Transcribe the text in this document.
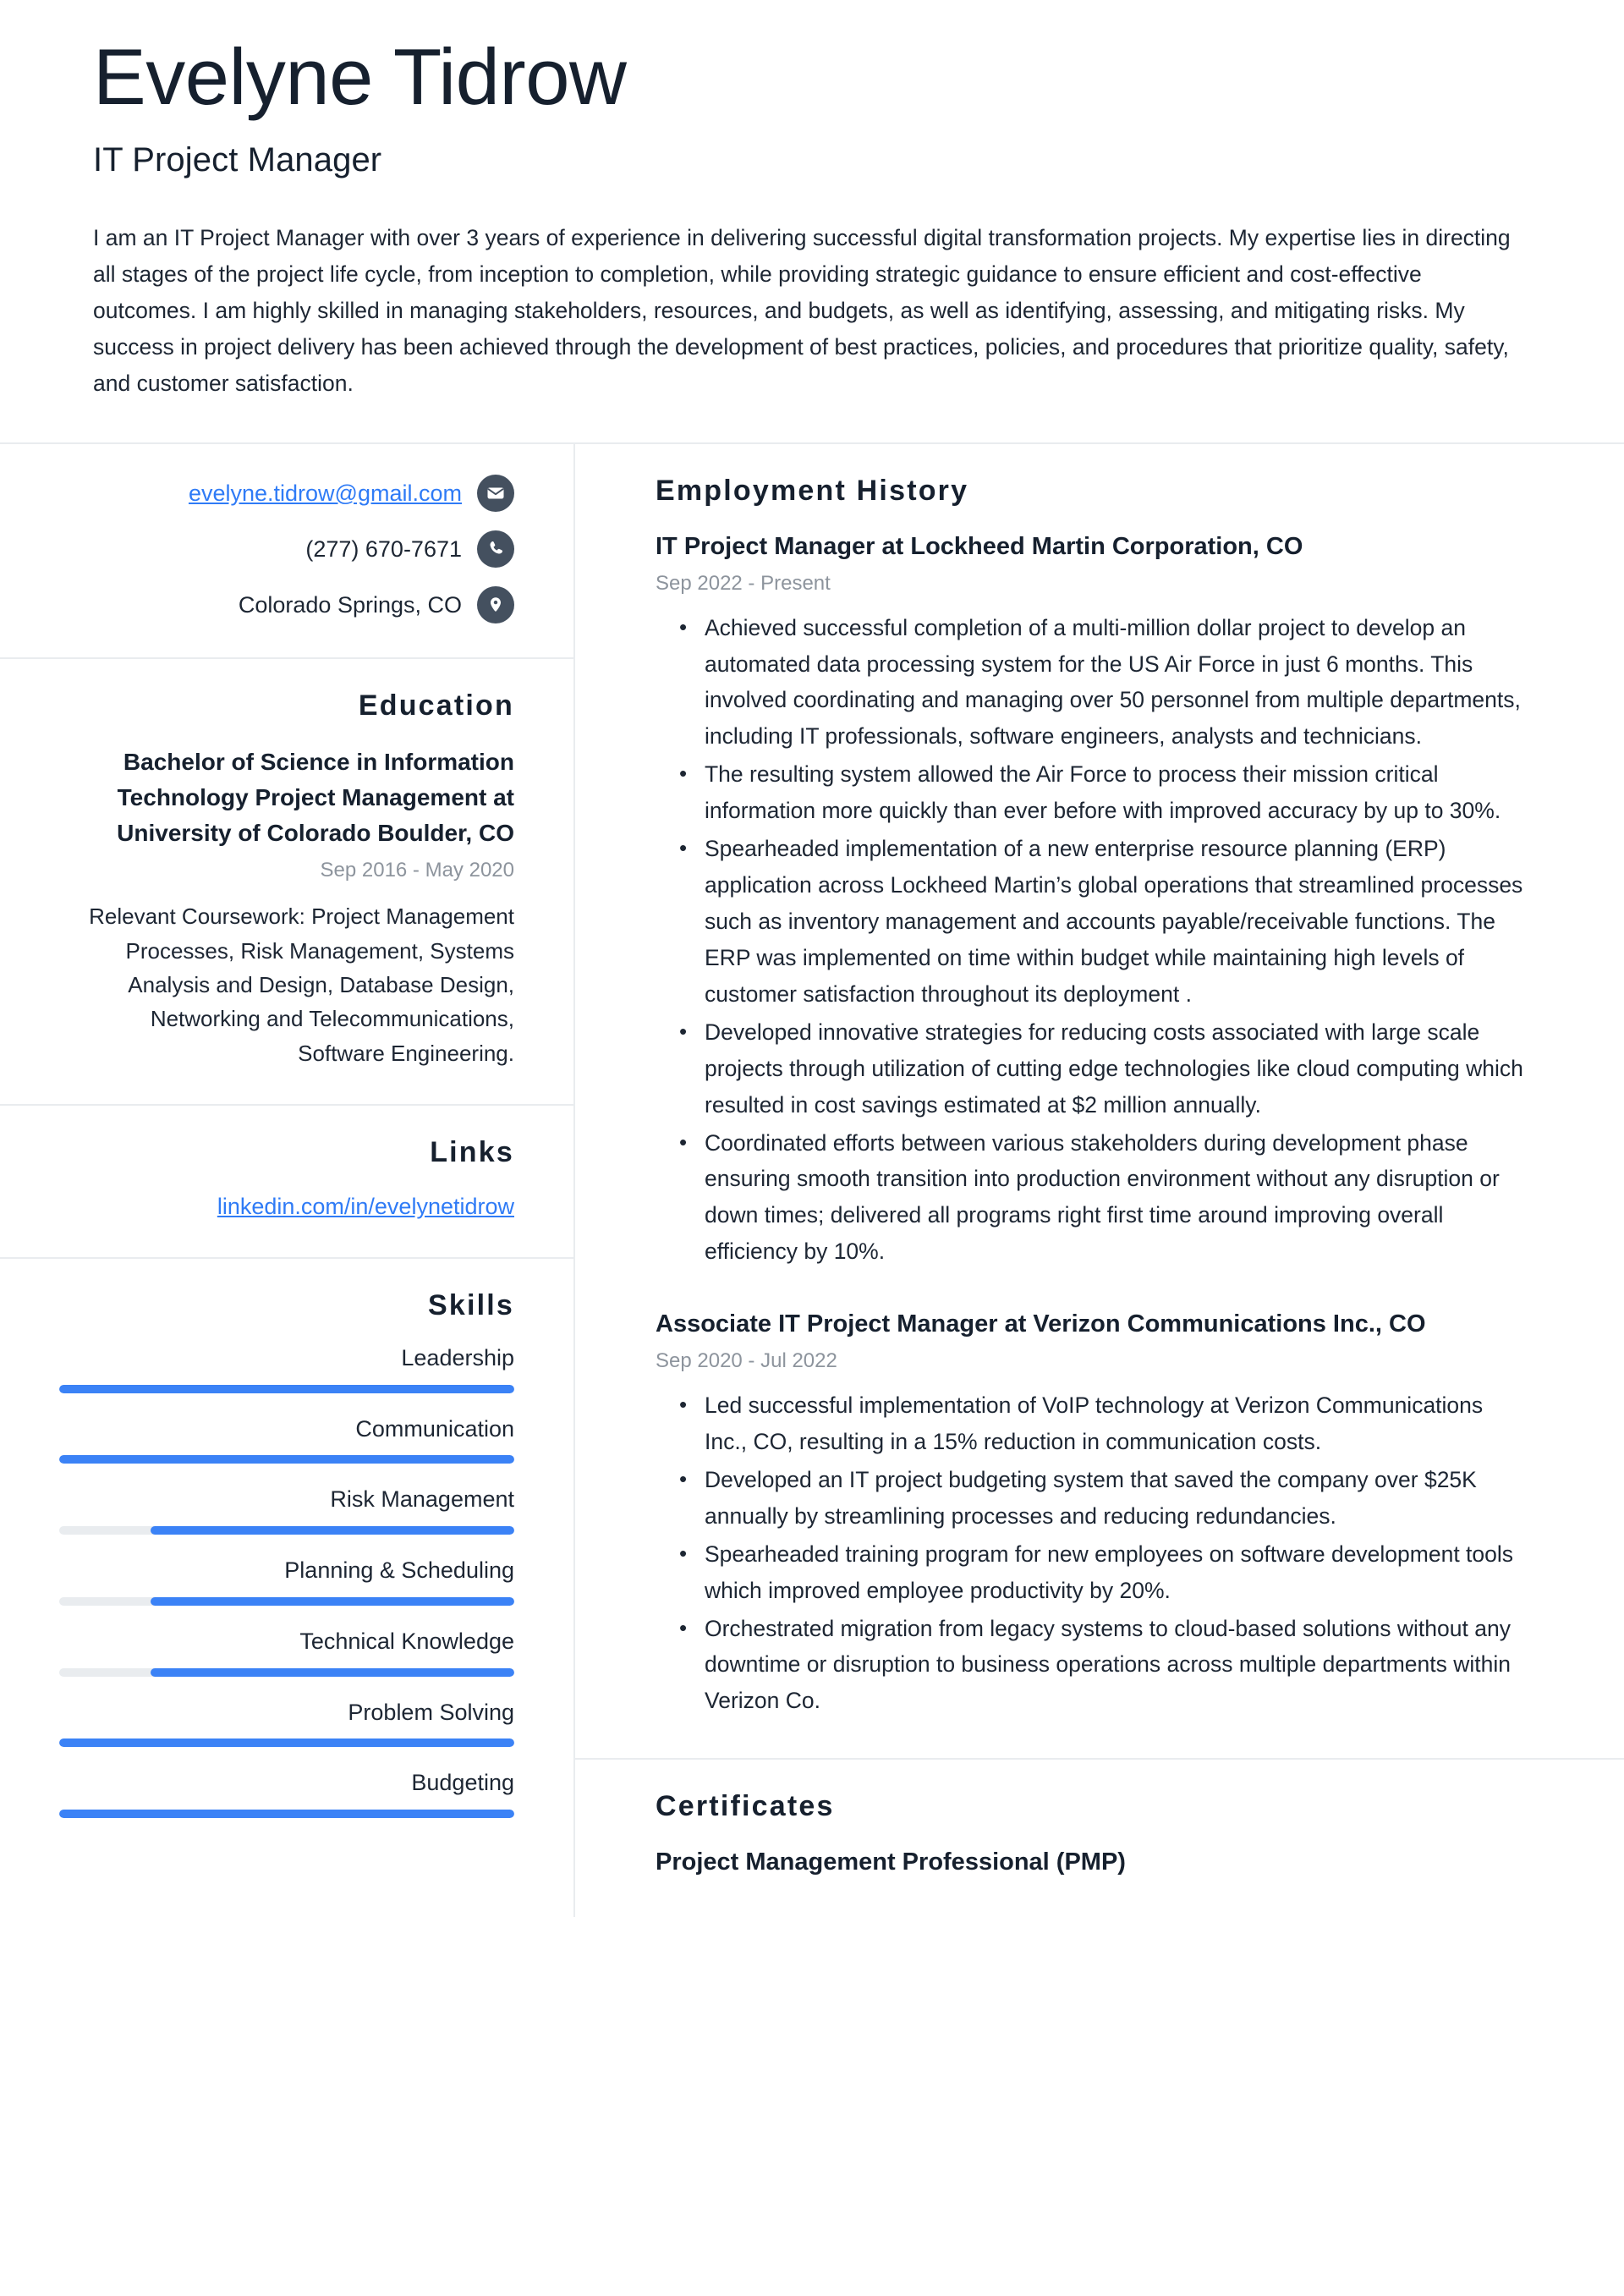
Evelyne Tidrow
IT Project Manager
I am an IT Project Manager with over 3 years of experience in delivering successful digital transformation projects. My expertise lies in directing all stages of the project life cycle, from inception to completion, while providing strategic guidance to ensure efficient and cost-effective outcomes. I am highly skilled in managing stakeholders, resources, and budgets, as well as identifying, assessing, and mitigating risks. My success in project delivery has been achieved through the development of best practices, policies, and procedures that prioritize quality, safety, and customer satisfaction.
evelyne.tidrow@gmail.com
(277) 670-7671
Colorado Springs, CO
Education
Bachelor of Science in Information Technology Project Management at University of Colorado Boulder, CO
Sep 2016 - May 2020
Relevant Coursework: Project Management Processes, Risk Management, Systems Analysis and Design, Database Design, Networking and Telecommunications, Software Engineering.
Links
linkedin.com/in/evelynetidrow
Skills
Leadership
Communication
Risk Management
Planning & Scheduling
Technical Knowledge
Problem Solving
Budgeting
Employment History
IT Project Manager at Lockheed Martin Corporation, CO
Sep 2022 - Present
• Achieved successful completion of a multi-million dollar project to develop an automated data processing system for the US Air Force in just 6 months. This involved coordinating and managing over 50 personnel from multiple departments, including IT professionals, software engineers, analysts and technicians.
• The resulting system allowed the Air Force to process their mission critical information more quickly than ever before with improved accuracy by up to 30%.
• Spearheaded implementation of a new enterprise resource planning (ERP) application across Lockheed Martin’s global operations that streamlined processes such as inventory management and accounts payable/receivable functions. The ERP was implemented on time within budget while maintaining high levels of customer satisfaction throughout its deployment .
• Developed innovative strategies for reducing costs associated with large scale projects through utilization of cutting edge technologies like cloud computing which resulted in cost savings estimated at $2 million annually.
• Coordinated efforts between various stakeholders during development phase ensuring smooth transition into production environment without any disruption or down times; delivered all programs right first time around improving overall efficiency by 10%.
Associate IT Project Manager at Verizon Communications Inc., CO
Sep 2020 - Jul 2022
• Led successful implementation of VoIP technology at Verizon Communications Inc., CO, resulting in a 15% reduction in communication costs.
• Developed an IT project budgeting system that saved the company over $25K annually by streamlining processes and reducing redundancies.
• Spearheaded training program for new employees on software development tools which improved employee productivity by 20%.
• Orchestrated migration from legacy systems to cloud-based solutions without any downtime or disruption to business operations across multiple departments within Verizon Co.
Certificates
Project Management Professional (PMP)
